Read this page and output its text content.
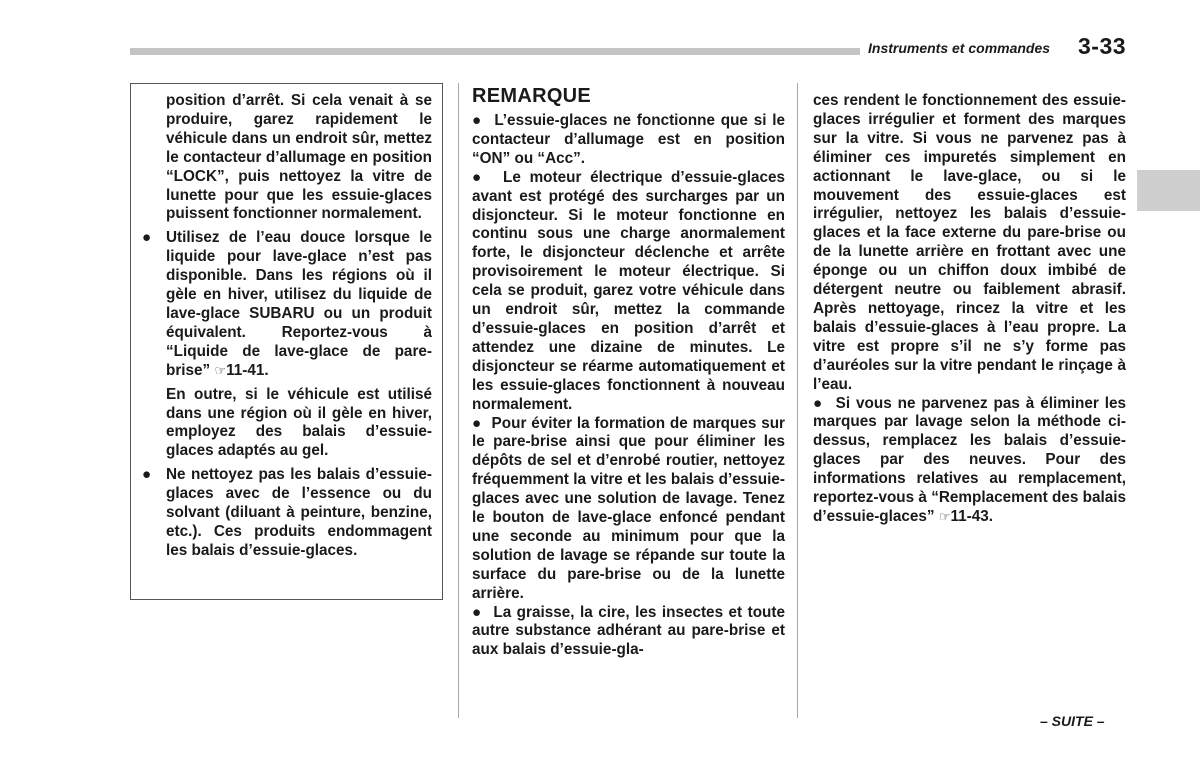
Instruments et commandes 3-33

position d’arrêt. Si cela venait à se produire, garez rapidement le véhicule dans un endroit sûr, mettez le contacteur d’allumage en position “LOCK”, puis nettoyez la vitre de lunette pour que les essuie-glaces puissent fonctionner normalement.

● Utilisez de l’eau douce lorsque le liquide pour lave-glace n’est pas disponible. Dans les régions où il gèle en hiver, utilisez du liquide de lave-glace SUBARU ou un produit équivalent. Reportez-vous à “Liquide de lave-glace de pare-brise” ☞11-41.

En outre, si le véhicule est utilisé dans une région où il gèle en hiver, employez des balais d’essuie-glaces adaptés au gel.

● Ne nettoyez pas les balais d’essuie-glaces avec de l’essence ou du solvant (diluant à peinture, benzine, etc.). Ces produits endommagent les balais d’essuie-glaces.

REMARQUE

● L’essuie-glaces ne fonctionne que si le contacteur d’allumage est en position “ON” ou “Acc”.

● Le moteur électrique d’essuie-glaces avant est protégé des surcharges par un disjoncteur. Si le moteur fonctionne en continu sous une charge anormalement forte, le disjoncteur déclenche et arrête provisoirement le moteur électrique. Si cela se produit, garez votre véhicule dans un endroit sûr, mettez la commande d’essuie-glaces en position d’arrêt et attendez une dizaine de minutes. Le disjoncteur se réarme automatiquement et les essuie-glaces fonctionnent à nouveau normalement.

● Pour éviter la formation de marques sur le pare-brise ainsi que pour éliminer les dépôts de sel et d’enrobé routier, nettoyez fréquemment la vitre et les balais d’essuie-glaces avec une solution de lavage. Tenez le bouton de lave-glace enfoncé pendant une seconde au minimum pour que la solution de lavage se répande sur toute la surface du pare-brise ou de la lunette arrière.

● La graisse, la cire, les insectes et toute autre substance adhérant au pare-brise et aux balais d’essuie-gla-

ces rendent le fonctionnement des essuie-glaces irrégulier et forment des marques sur la vitre. Si vous ne parvenez pas à éliminer ces impuretés simplement en actionnant le lave-glace, ou si le mouvement des essuie-glaces est irrégulier, nettoyez les balais d’essuie-glaces et la face externe du pare-brise ou de la lunette arrière en frottant avec une éponge ou un chiffon doux imbibé de détergent neutre ou faiblement abrasif. Après nettoyage, rincez la vitre et les balais d’essuie-glaces à l’eau propre. La vitre est propre s’il ne s’y forme pas d’auréoles sur la vitre pendant le rinçage à l’eau.

● Si vous ne parvenez pas à éliminer les marques par lavage selon la méthode ci-dessus, remplacez les balais d’essuie-glaces par des neuves. Pour des informations relatives au remplacement, reportez-vous à “Remplacement des balais d’essuie-glaces” ☞11-43.

– SUITE –
